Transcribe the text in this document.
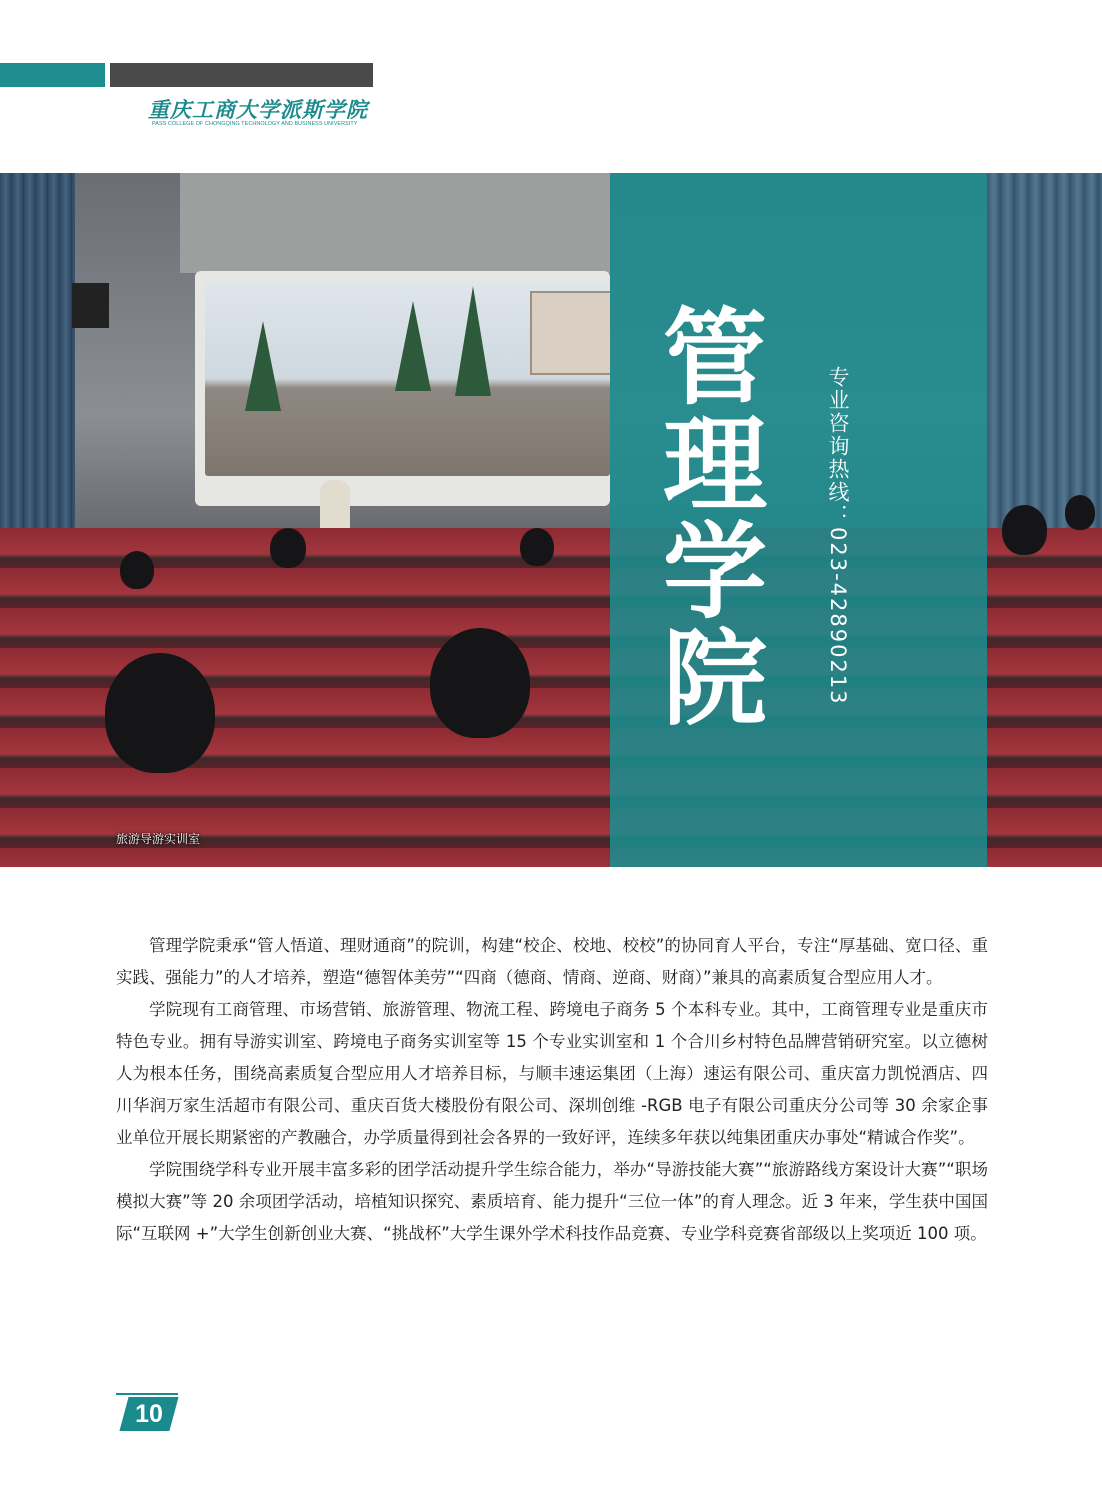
重庆工商大学派斯学院
PASS COLLEGE OF CHONGQING TECHNOLOGY AND BUSINESS UNIVERSITY
旅游导游实训室
管
理
学
院	专业咨询热线：023-42890213

管理学院秉承“管人悟道、理财通商”的院训，构建“校企、校地、校校”的协同育人平台，专注“厚基础、宽口径、重实践、强能力”的人才培养，塑造“德智体美劳”“四商（德商、情商、逆商、财商）”兼具的高素质复合型应用人才。

学院现有工商管理、市场营销、旅游管理、物流工程、跨境电子商务 5 个本科专业。其中，工商管理专业是重庆市特色专业。拥有导游实训室、跨境电子商务实训室等 15 个专业实训室和 1 个合川乡村特色品牌营销研究室。以立德树人为根本任务，围绕高素质复合型应用人才培养目标，与顺丰速运集团（上海）速运有限公司、重庆富力凯悦酒店、四川华润万家生活超市有限公司、重庆百货大楼股份有限公司、深圳创维 -RGB 电子有限公司重庆分公司等 30 余家企事业单位开展长期紧密的产教融合，办学质量得到社会各界的一致好评，连续多年获以纯集团重庆办事处“精诚合作奖”。

学院围绕学科专业开展丰富多彩的团学活动提升学生综合能力，举办“导游技能大赛”“旅游路线方案设计大赛”“职场模拟大赛”等 20 余项团学活动，培植知识探究、素质培育、能力提升“三位一体”的育人理念。近 3 年来，学生获中国国际“互联网 +”大学生创新创业大赛、“挑战杯”大学生课外学术科技作品竞赛、专业学科竞赛省部级以上奖项近 100 项。

10
